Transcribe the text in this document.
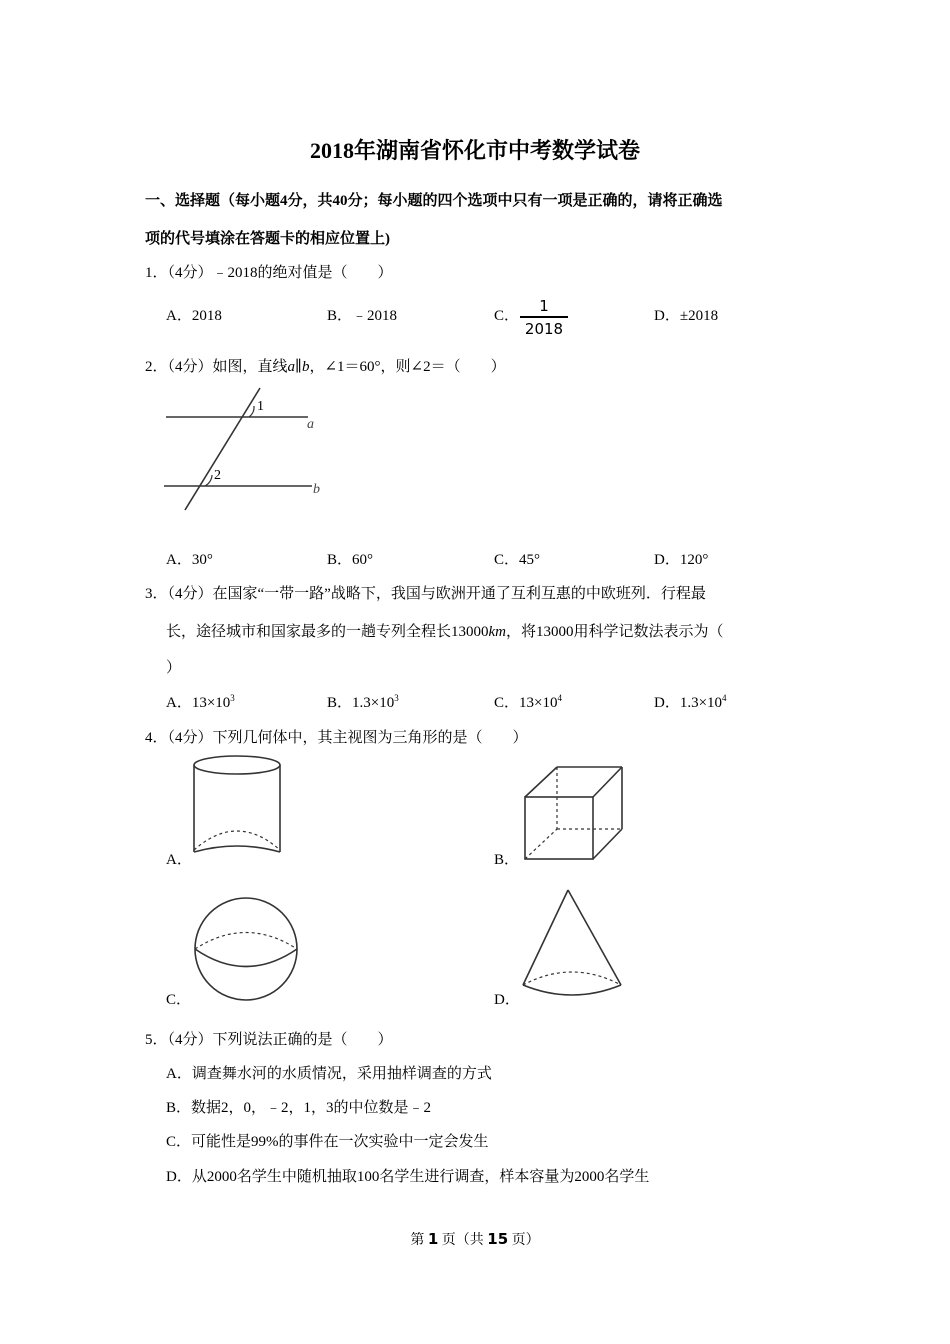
2018年湖南省怀化市中考数学试卷
一、选择题（每小题4分，共40分；每小题的四个选项中只有一项是正确的，请将正确选
项的代号填涂在答题卡的相应位置上)
1．（4分）﹣2018的绝对值是（　　）
A．2018	B．﹣2018	C．
1
2018
D．±2018
2．（4分）如图，直线a∥b，∠1＝60°，则∠2＝（　　）
1
2
a
b
A．30°	B．60°	C．45°	D．120°
3．（4分）在国家“一带一路”战略下，我国与欧洲开通了互利互惠的中欧班列．行程最
长，途径城市和国家最多的一趟专列全程长13000km，将13000用科学记数法表示为（
）
A．$13\times 10^3$	B．$1.3\times 10^3$	C．$13\times 10^4$	D．$1.3\times 10^4$
4．（4分）下列几何体中，其主视图为三角形的是（　　）
A．	B．
C．	D．
5．（4分）下列说法正确的是（　　）
A．调查舞水河的水质情况，采用抽样调查的方式
B．数据2，0，﹣2，1，3的中位数是﹣2
C．可能性是99%的事件在一次实验中一定会发生
D．从2000名学生中随机抽取100名学生进行调查，样本容量为2000名学生
第 1 页（共 15 页）
